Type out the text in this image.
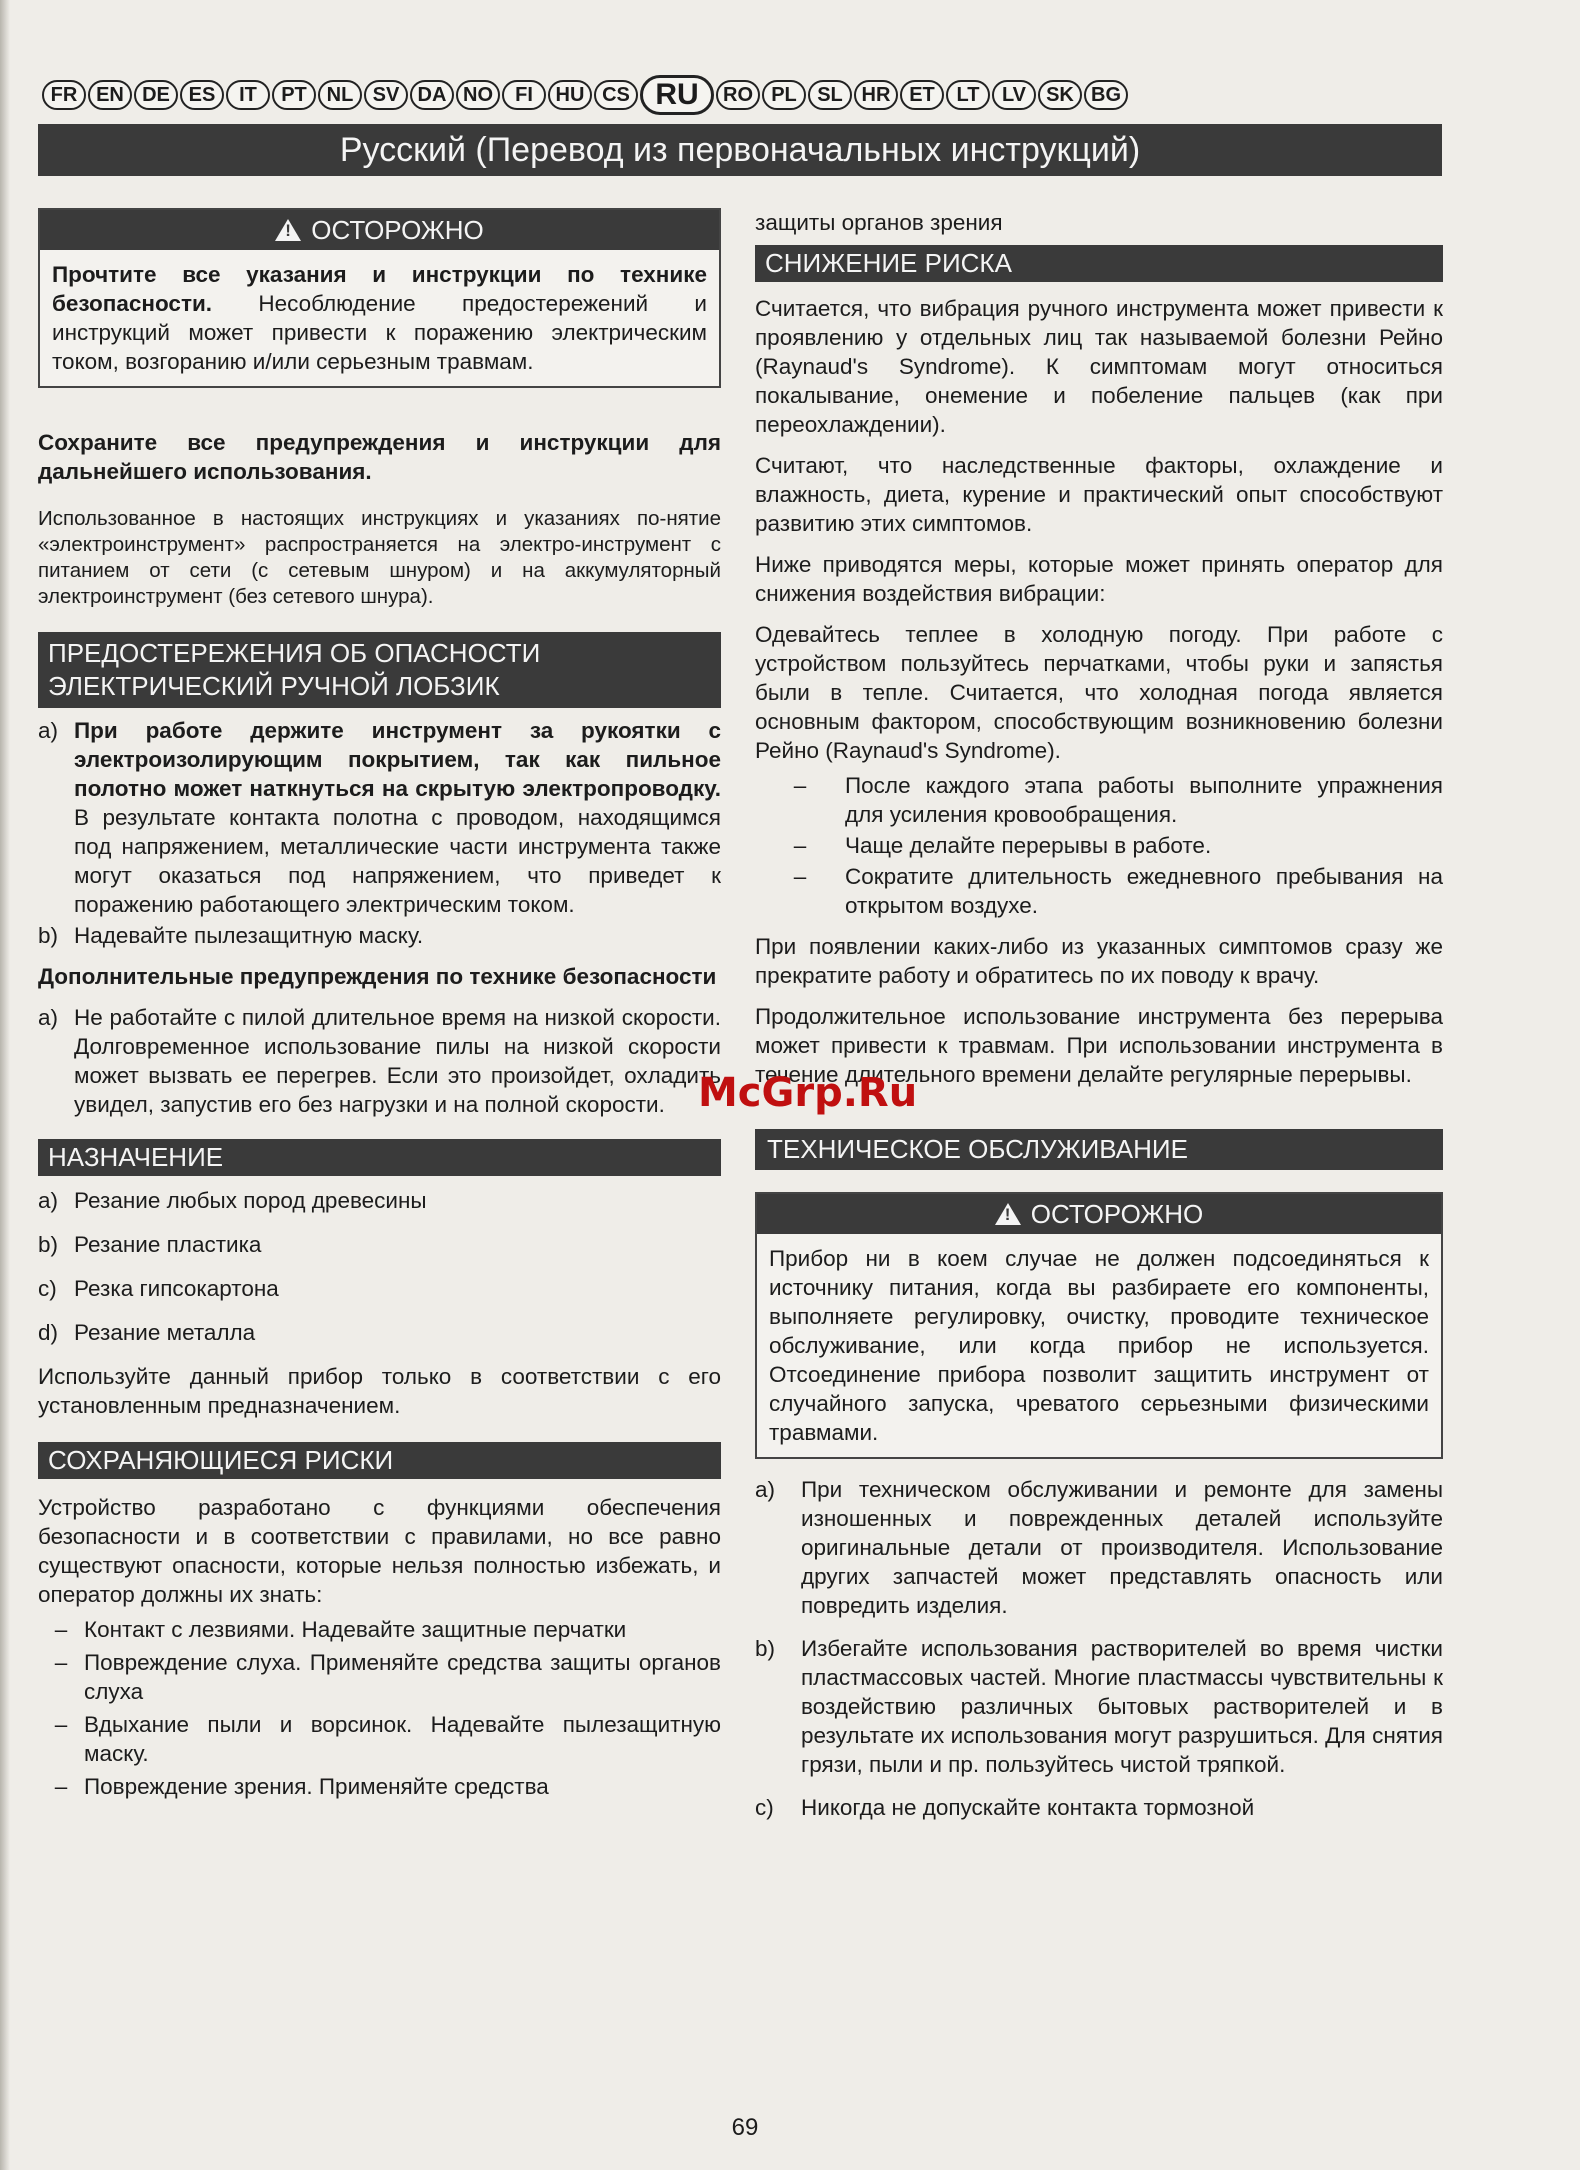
FR EN DE ES	IT	PT NL SV DA NO	FI	HU CS RU	RO PL	SL HR ET	LT	LV	SK BG
Русский (Перевод из первоначальных инструкций)
!
ОСТОРОЖНО

Прочтите все указания и инструкции по технике безопасности. Несоблюдение предостережений и инструкций может привести к поражению электрическим током, возгоранию и/или серьезным травмам.

Сохраните все предупреждения и инструкции для дальнейшего использования.

Использованное в настоящих инструкциях и указаниях по-нятие «электроинструмент» распространяется на электро-инструмент с питанием от сети (с сетевым шнуром) и на аккумуляторный электроинструмент (без сетевого шнура).

ПРЕДОСТЕРЕЖЕНИЯ ОБ ОПАСНОСТИ ЭЛЕКТРИЧЕСКИЙ РУЧНОЙ ЛОБЗИК
a) При работе держите инструмент за рукоятки с электроизолирующим покрытием, так как пильное полотно может наткнуться на скрытую электропроводку. В результате контакта полотна с проводом, находящимся под напряжением, металлические части инструмента также могут оказаться под напряжением, что приведет к поражению работающего электрическим током.
b) Надевайте пылезащитную маску.

Дополнительные предупреждения по технике безопасности

a) Не работайте с пилой длительное время на низкой скорости. Долговременное использование пилы на низкой скорости может вызвать ее перегрев. Если это произойдет, охладить увидел, запустив его без нагрузки и на полной скорости.
НАЗНАЧЕНИЕ
a) Резание любых пород древесины
b) Резание пластика
c) Резка гипсокартона
d) Резание металла

Используйте данный прибор только в соответствии с его установленным предназначением.

СОХРАНЯЮЩИЕСЯ РИСКИ

Устройство разработано с функциями обеспечения безопасности и в соответствии с правилами, но все равно существуют опасности, которые нельзя полностью избежать, и оператор должны их знать:

– Контакт с лезвиями. Надевайте защитные перчатки
– Повреждение слуха. Применяйте средства защиты органов слуха
– Вдыхание пыли и ворсинок. Надевайте пылезащитную маску.
– Повреждение зрения. Применяйте средства

защиты органов зрения

СНИЖЕНИЕ РИСКА

Считается, что вибрация ручного инструмента может привести к проявлению у отдельных лиц так называемой болезни Рейно (Raynaud's Syndrome). К симптомам могут относиться покалывание, онемение и побеление пальцев (как при переохлаждении).

Считают, что наследственные факторы, охлаждение и влажность, диета, курение и практический опыт способствуют развитию этих симптомов.

Ниже приводятся меры, которые может принять оператор для снижения воздействия вибрации:

Одевайтесь теплее в холодную погоду. При работе с устройством пользуйтесь перчатками, чтобы руки и запястья были в тепле. Считается, что холодная погода является основным фактором, способствующим возникновению болезни Рейно (Raynaud's Syndrome).

–	После каждого этапа работы выполните упражнения для усиления кровообращения.
–	Чаще делайте перерывы в работе.
–	Сократите длительность ежедневного пребывания на открытом воздухе.

При появлении каких-либо из указанных симптомов сразу же прекратите работу и обратитесь по их поводу к врачу.

Продолжительное использование инструмента без перерыва может привести к травмам. При использовании инструмента в течение длительного времени делайте регулярные перерывы.

ТЕХНИЧЕСКОЕ ОБСЛУЖИВАНИЕ
!
ОСТОРОЖНО

Прибор ни в коем случае не должен подсоединяться к источнику питания, когда вы разбираете его компоненты, выполняете регулировку, очистку, проводите техническое обслуживание, или когда прибор не используется. Отсоединение прибора позволит защитить инструмент от случайного запуска, чреватого серьезными физическими травмами.

a)	При техническом обслуживании и ремонте для замены изношенных и поврежденных деталей используйте оригинальные детали от производителя. Использование других запчастей может представлять опасность или повредить изделия.
b)	Избегайте использования растворителей во время чистки пластмассовых частей. Многие пластмассы чувствительны к воздействию различных бытовых растворителей и в результате их использования могут разрушиться. Для снятия грязи, пыли и пр. пользуйтесь чистой тряпкой.
c)	Никогда не допускайте контакта тормозной
McGrp.Ru
69
